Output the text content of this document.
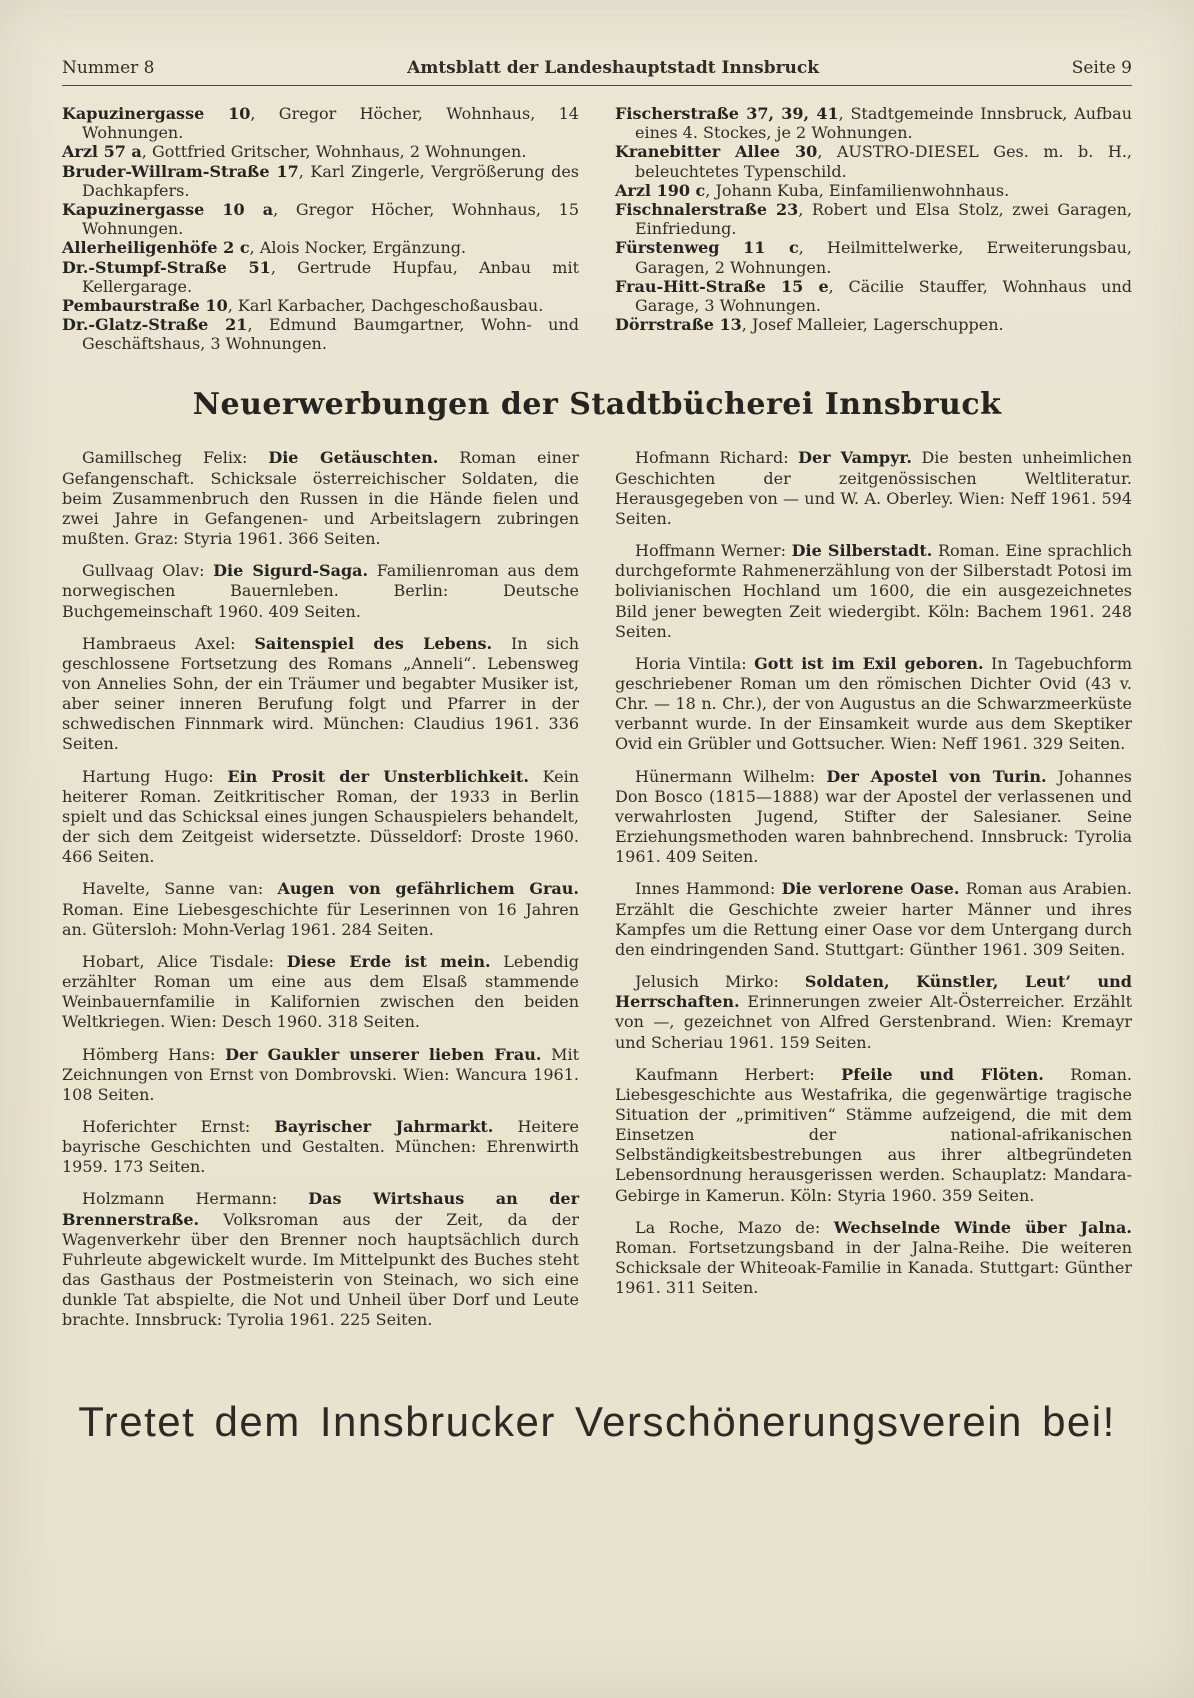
Nummer 8	Amtsblatt der Landeshauptstadt Innsbruck	Seite 9

Kapuzinergasse 10, Gregor Höcher, Wohnhaus, 14 Wohnungen.

Arzl 57 a, Gottfried Gritscher, Wohnhaus, 2 Wohnungen.

Bruder-Willram-Straße 17, Karl Zingerle, Vergrößerung des Dachkapfers.

Kapuzinergasse 10 a, Gregor Höcher, Wohnhaus, 15 Wohnungen.

Allerheiligenhöfe 2 c, Alois Nocker, Ergänzung.

Dr.-Stumpf-Straße 51, Gertrude Hupfau, Anbau mit Kellergarage.

Pembaurstraße 10, Karl Karbacher, Dachgeschoßausbau.

Dr.-Glatz-Straße 21, Edmund Baumgartner, Wohn- und Geschäftshaus, 3 Wohnungen.

Fischerstraße 37, 39, 41, Stadtgemeinde Innsbruck, Aufbau eines 4. Stockes, je 2 Wohnungen.

Kranebitter Allee 30, AUSTRO-DIESEL Ges. m. b. H., beleuchtetes Typenschild.

Arzl 190 c, Johann Kuba, Einfamilienwohnhaus.

Fischnalerstraße 23, Robert und Elsa Stolz, zwei Garagen, Einfriedung.

Fürstenweg 11 c, Heilmittelwerke, Erweiterungsbau, Garagen, 2 Wohnungen.

Frau-Hitt-Straße 15 e, Cäcilie Stauffer, Wohnhaus und Garage, 3 Wohnungen.

Dörrstraße 13, Josef Malleier, Lagerschuppen.

Neuerwerbungen der Stadtbücherei Innsbruck

Gamillscheg Felix: Die Getäuschten. Roman einer Gefangenschaft. Schicksale österreichischer Soldaten, die beim Zusammenbruch den Russen in die Hände fielen und zwei Jahre in Gefangenen- und Arbeitslagern zubringen mußten. Graz: Styria 1961. 366 Seiten.

Gullvaag Olav: Die Sigurd-Saga. Familienroman aus dem norwegischen Bauernleben. Berlin: Deutsche Buchgemeinschaft 1960. 409 Seiten.

Hambraeus Axel: Saitenspiel des Lebens. In sich geschlossene Fortsetzung des Romans „Anneli“. Lebensweg von Annelies Sohn, der ein Träumer und begabter Musiker ist, aber seiner inneren Berufung folgt und Pfarrer in der schwedischen Finnmark wird. München: Claudius 1961. 336 Seiten.

Hartung Hugo: Ein Prosit der Unsterblichkeit. Kein heiterer Roman. Zeitkritischer Roman, der 1933 in Berlin spielt und das Schicksal eines jungen Schauspielers behandelt, der sich dem Zeitgeist widersetzte. Düsseldorf: Droste 1960. 466 Seiten.

Havelte, Sanne van: Augen von gefährlichem Grau. Roman. Eine Liebesgeschichte für Leserinnen von 16 Jahren an. Gütersloh: Mohn-Verlag 1961. 284 Seiten.

Hobart, Alice Tisdale: Diese Erde ist mein. Lebendig erzählter Roman um eine aus dem Elsaß stammende Weinbauernfamilie in Kalifornien zwischen den beiden Weltkriegen. Wien: Desch 1960. 318 Seiten.

Hömberg Hans: Der Gaukler unserer lieben Frau. Mit Zeichnungen von Ernst von Dombrovski. Wien: Wancura 1961. 108 Seiten.

Hoferichter Ernst: Bayrischer Jahrmarkt. Heitere bayrische Geschichten und Gestalten. München: Ehrenwirth 1959. 173 Seiten.

Holzmann Hermann: Das Wirtshaus an der Brennerstraße. Volksroman aus der Zeit, da der Wagenverkehr über den Brenner noch hauptsächlich durch Fuhrleute abgewickelt wurde. Im Mittelpunkt des Buches steht das Gasthaus der Postmeisterin von Steinach, wo sich eine dunkle Tat abspielte, die Not und Unheil über Dorf und Leute brachte. Innsbruck: Tyrolia 1961. 225 Seiten.

Hofmann Richard: Der Vampyr. Die besten unheimlichen Geschichten der zeitgenössischen Weltliteratur. Herausgegeben von — und W. A. Oberley. Wien: Neff 1961. 594 Seiten.

Hoffmann Werner: Die Silberstadt. Roman. Eine sprachlich durchgeformte Rahmenerzählung von der Silberstadt Potosi im bolivianischen Hochland um 1600, die ein ausgezeichnetes Bild jener bewegten Zeit wiedergibt. Köln: Bachem 1961. 248 Seiten.

Horia Vintila: Gott ist im Exil geboren. In Tagebuchform geschriebener Roman um den römischen Dichter Ovid (43 v. Chr. — 18 n. Chr.), der von Augustus an die Schwarzmeerküste verbannt wurde. In der Einsamkeit wurde aus dem Skeptiker Ovid ein Grübler und Gottsucher. Wien: Neff 1961. 329 Seiten.

Hünermann Wilhelm: Der Apostel von Turin. Johannes Don Bosco (1815—1888) war der Apostel der verlassenen und verwahrlosten Jugend, Stifter der Salesianer. Seine Erziehungsmethoden waren bahnbrechend. Innsbruck: Tyrolia 1961. 409 Seiten.

Innes Hammond: Die verlorene Oase. Roman aus Arabien. Erzählt die Geschichte zweier harter Männer und ihres Kampfes um die Rettung einer Oase vor dem Untergang durch den eindringenden Sand. Stuttgart: Günther 1961. 309 Seiten.

Jelusich Mirko: Soldaten, Künstler, Leut’ und Herrschaften. Erinnerungen zweier Alt-Österreicher. Erzählt von —, gezeichnet von Alfred Gerstenbrand. Wien: Kremayr und Scheriau 1961. 159 Seiten.

Kaufmann Herbert: Pfeile und Flöten. Roman. Liebesgeschichte aus Westafrika, die gegenwärtige tragische Situation der „primitiven“ Stämme aufzeigend, die mit dem Einsetzen der national-afrikanischen Selbständigkeitsbestrebungen aus ihrer altbegründeten Lebensordnung herausgerissen werden. Schauplatz: Mandara-Gebirge in Kamerun. Köln: Styria 1960. 359 Seiten.

La Roche, Mazo de: Wechselnde Winde über Jalna. Roman. Fortsetzungsband in der Jalna-Reihe. Die weiteren Schicksale der Whiteoak-Familie in Kanada. Stuttgart: Günther 1961. 311 Seiten.

Tretet dem Innsbrucker Verschönerungsverein bei!
